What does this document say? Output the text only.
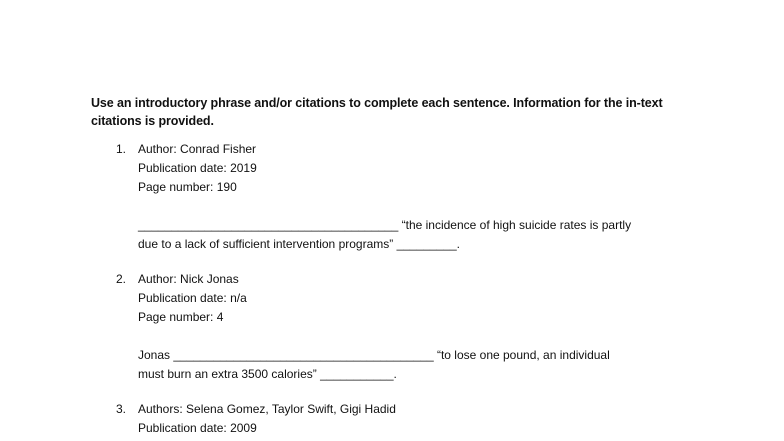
Use an introductory phrase and/or citations to complete each sentence. Information for the in-text citations is provided.
1. Author: Conrad Fisher
Publication date: 2019
Page number: 190
_______________________________________ “the incidence of high suicide rates is partly
due to a lack of sufficient intervention programs” _________.
2. Author: Nick Jonas
Publication date: n/a
Page number: 4
Jonas _______________________________________ “to lose one pound, an individual
must burn an extra 3500 calories” ___________.
3. Authors: Selena Gomez, Taylor Swift, Gigi Hadid
Publication date: 2009
